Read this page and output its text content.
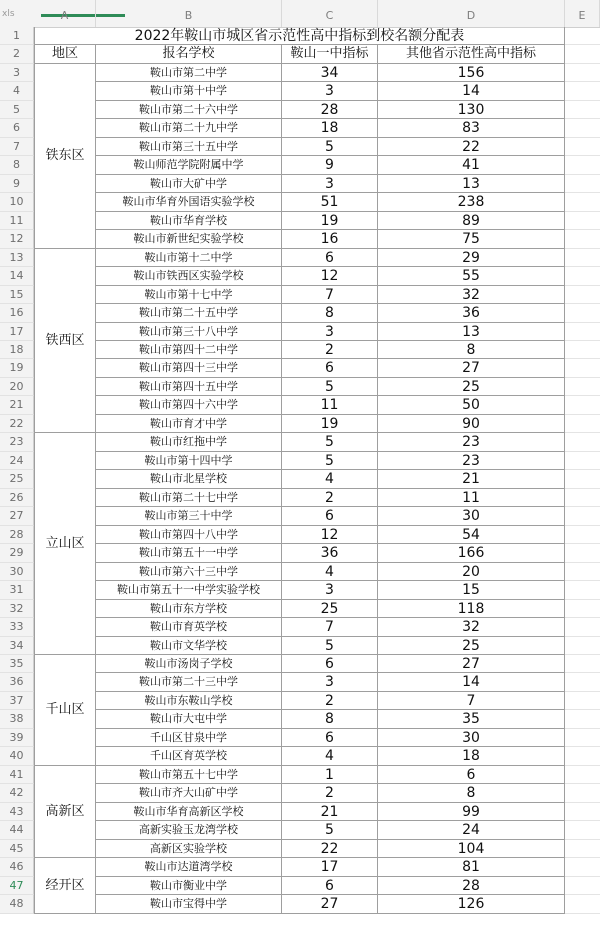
xls	A	B	C	D	E
1
2
3
4
5
6
7
8
9
10
11
12
13
14
15
16
17
18
19
20
21
22
23
24
25
26
27
28
29
30
31
32
33
34
35
36
37
38
39
40
41
42
43
44
45
46
47
48
2022年鞍山市城区省示范性高中指标到校名额分配表
地区	报名学校	鞍山一中指标	其他省示范性高中指标
铁东区
鞍山市第二中学	34	156
鞍山市第十中学	3	14
鞍山市第二十六中学	28	130
鞍山市第二十九中学	18	83
鞍山市第三十五中学	5	22
鞍山师范学院附属中学	9	41
鞍山市大矿中学	3	13
鞍山市华育外国语实验学校	51	238
鞍山市华育学校	19	89
鞍山市新世纪实验学校	16	75
铁西区
鞍山市第十二中学	6	29
鞍山市铁西区实验学校	12	55
鞍山市第十七中学	7	32
鞍山市第二十五中学	8	36
鞍山市第三十八中学	3	13
鞍山市第四十二中学	2	8
鞍山市第四十三中学	6	27
鞍山市第四十五中学	5	25
鞍山市第四十六中学	11	50
鞍山市育才中学	19	90
立山区
鞍山市红拖中学	5	23
鞍山市第十四中学	5	23
鞍山市北星学校	4	21
鞍山市第二十七中学	2	11
鞍山市第三十中学	6	30
鞍山市第四十八中学	12	54
鞍山市第五十一中学	36	166
鞍山市第六十三中学	4	20
鞍山市第五十一中学实验学校	3	15
鞍山市东方学校	25	118
鞍山市育英学校	7	32
鞍山市文华学校	5	25
千山区
鞍山市汤岗子学校	6	27
鞍山市第二十三中学	3	14
鞍山市东鞍山学校	2	7
鞍山市大屯中学	8	35
千山区甘泉中学	6	30
千山区育英学校	4	18
高新区
鞍山市第五十七中学	1	6
鞍山市齐大山矿中学	2	8
鞍山市华育高新区学校	21	99
高新实验玉龙湾学校	5	24
高新区实验学校	22	104
经开区
鞍山市达道湾学校	17	81
鞍山市衡业中学	6	28
鞍山市宝得中学	27	126
